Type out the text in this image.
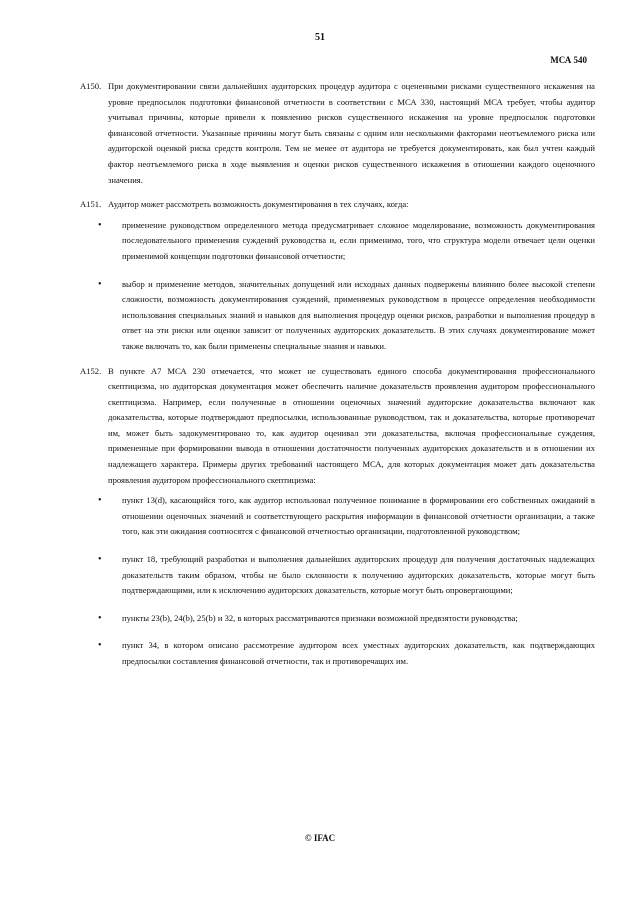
51
МСА 540
A150. При документировании связи дальнейших аудиторских процедур аудитора с оцененными рисками существенного искажения на уровне предпосылок подготовки финансовой отчетности в соответствии с МСА 330, настоящий МСА требует, чтобы аудитор учитывал причины, которые привели к появлению рисков существенного искажения на уровне предпосылок подготовки финансовой отчетности. Указанные причины могут быть связаны с одним или несколькими факторами неотъемлемого риска или аудиторской оценкой риска средств контроля. Тем не менее от аудитора не требуется документировать, как был учтен каждый фактор неотъемлемого риска в ходе выявления и оценки рисков существенного искажения в отношении каждого оценочного значения.

A151. Аудитор может рассмотреть возможность документирования в тех случаях, когда:

• применение руководством определенного метода предусматривает сложное моделирование, возможность документирования последовательного применения суждений руководства и, если применимо, того, что структура модели отвечает цели оценки применимой концепции подготовки финансовой отчетности;
• выбор и применение методов, значительных допущений или исходных данных подвержены влиянию более высокой степени сложности, возможность документирования суждений, применяемых руководством в процессе определения необходимости использования специальных знаний и навыков для выполнения процедур оценки рисков, разработки и выполнения процедур в ответ на эти риски или оценки зависит от полученных аудиторских доказательств. В этих случаях документирование может также включать то, как были применены специальные знания и навыки.
A152. В пункте А7 МСА 230 отмечается, что может не существовать единого способа документирования профессионального скептицизма, но аудиторская документация может обеспечить наличие доказательств проявления аудитором профессионального скептицизма. Например, если полученные в отношении оценочных значений аудиторские доказательства включают как доказательства, которые подтверждают предпосылки, использованные руководством, так и доказательства, которые противоречат им, может быть задокументировано то, как аудитор оценивал эти доказательства, включая профессиональные суждения, примененные при формировании вывода в отношении достаточности полученных аудиторских доказательств и в отношении их надлежащего характера. Примеры других требований настоящего МСА, для которых документация может дать доказательства проявления аудитором профессионального скептицизма:

• пункт 13(d), касающийся того, как аудитор использовал полученное понимание в формировании его собственных ожиданий в отношении оценочных значений и соответствующего раскрытия информации в финансовой отчетности организации, а также того, как эти ожидания соотносятся с финансовой отчетностью организации, подготовленной руководством;
• пункт 18, требующий разработки и выполнения дальнейших аудиторских процедур для получения достаточных надлежащих доказательств таким образом, чтобы не было склонности к получению аудиторских доказательств, которые могут быть подтверждающими, или к исключению аудиторских доказательств, которые могут быть опровергающими;
• пункты 23(b), 24(b), 25(b) и 32, в которых рассматриваются признаки возможной предвзятости руководства;
• пункт 34, в котором описано рассмотрение аудитором всех уместных аудиторских доказательств, как подтверждающих предпосылки составления финансовой отчетности, так и противоречащих им.
© IFAC
